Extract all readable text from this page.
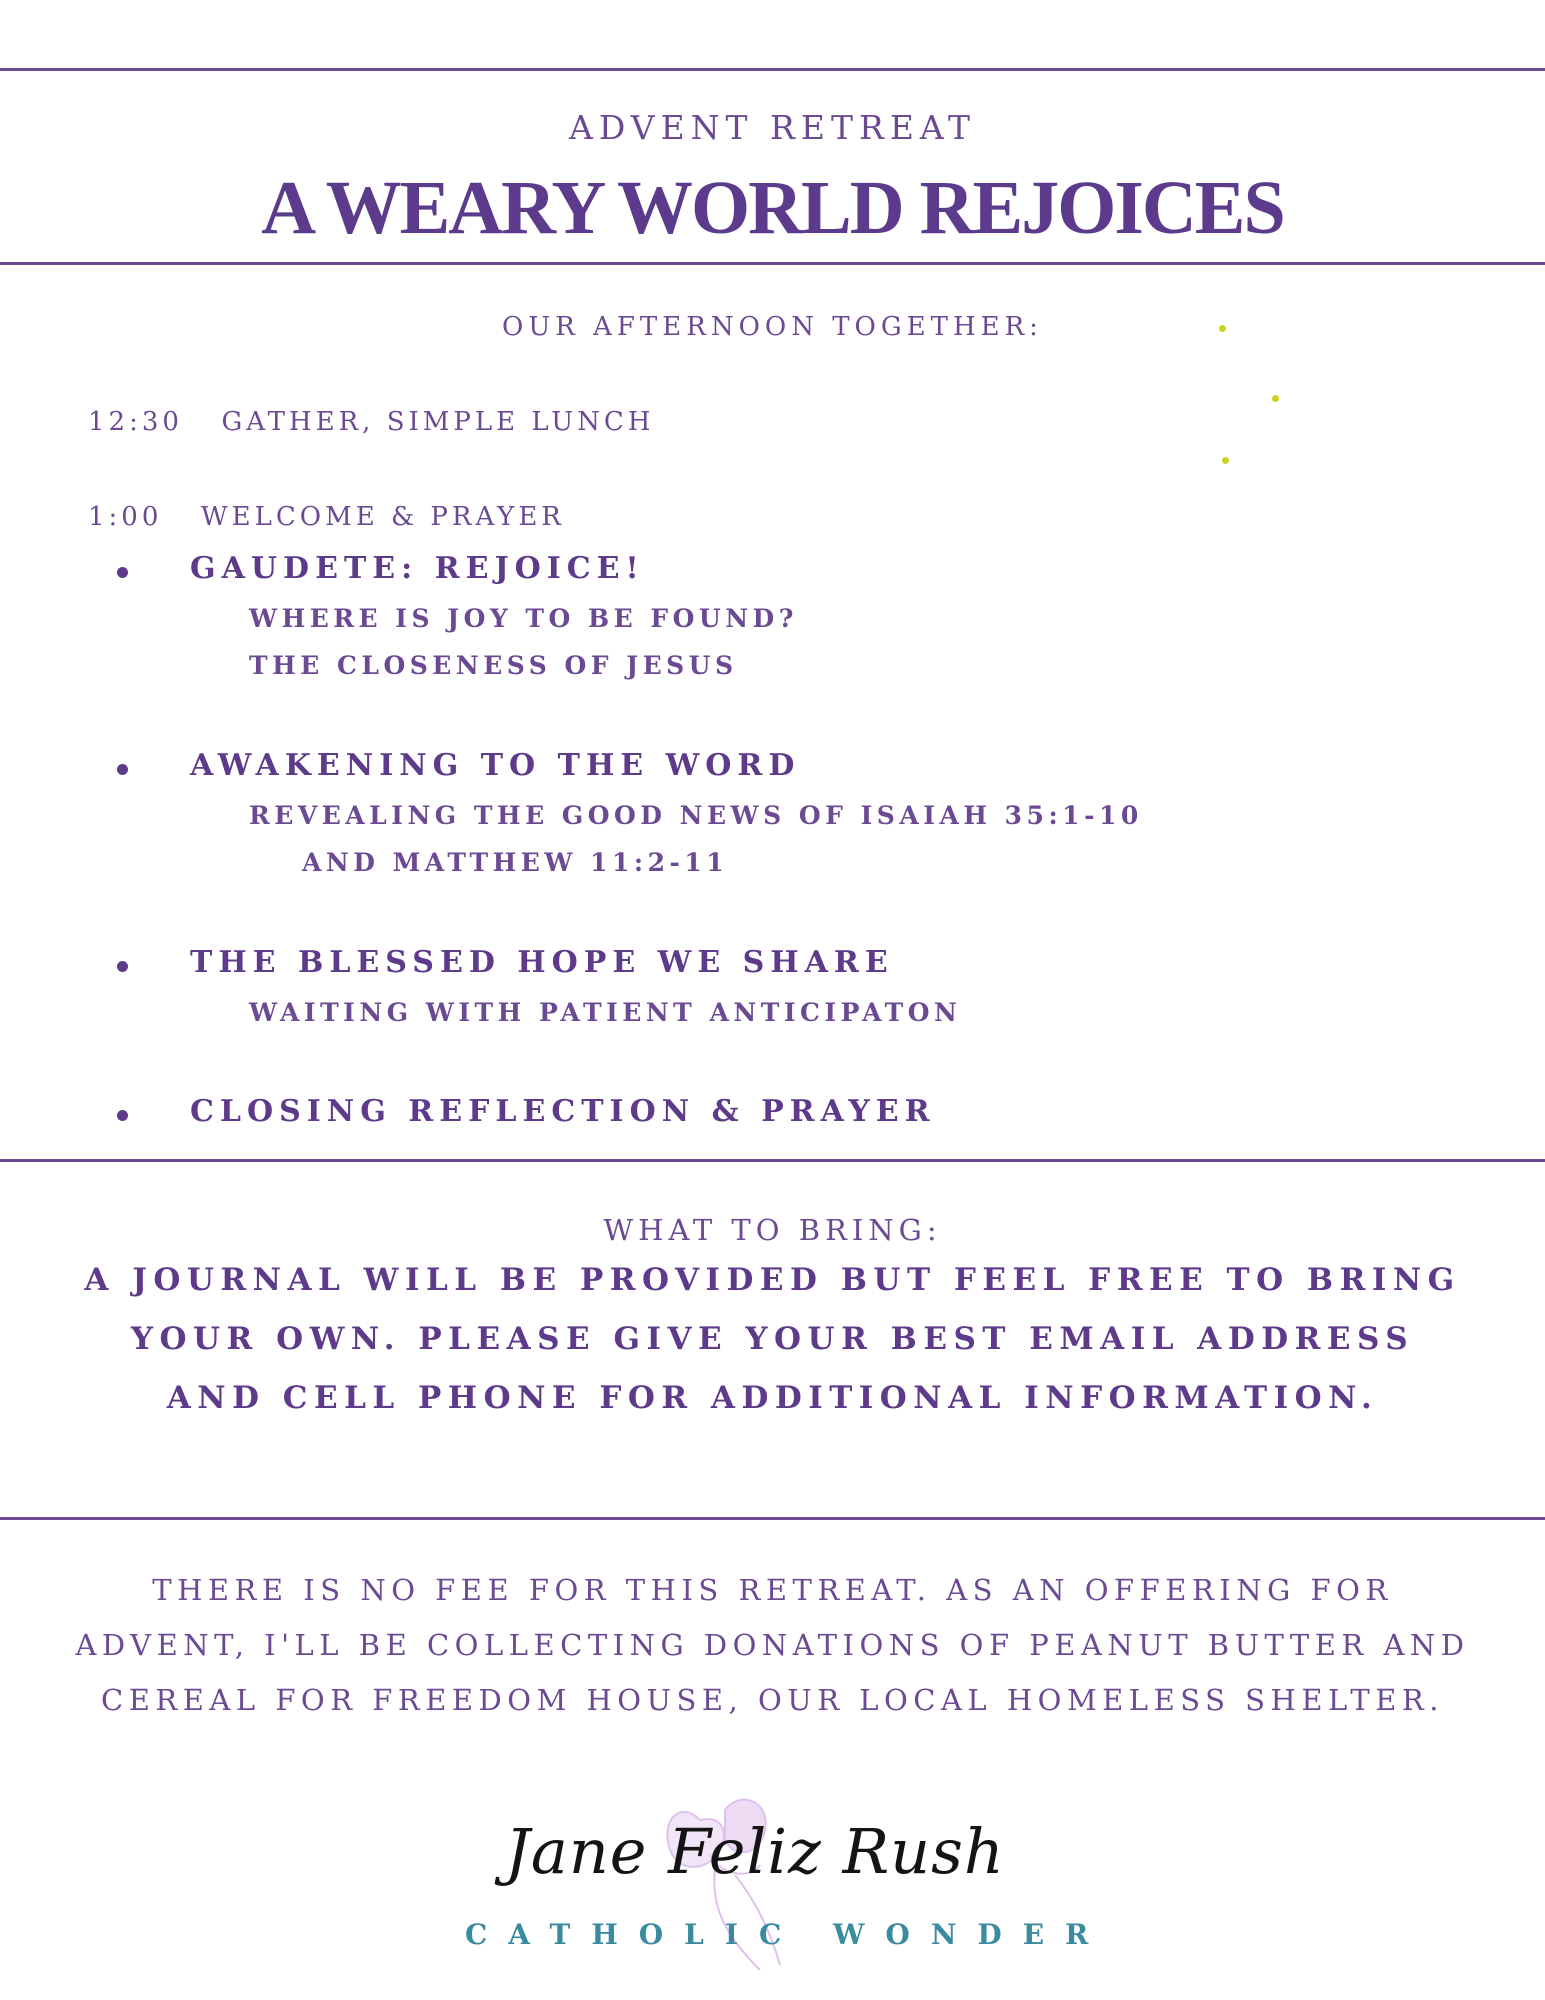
ADVENT RETREAT
A WEARY WORLD REJOICES
OUR AFTERNOON TOGETHER:
12:30 GATHER, SIMPLE LUNCH
1:00 WELCOME & PRAYER
GAUDETE: REJOICE!
WHERE IS JOY TO BE FOUND?
THE CLOSENESS OF JESUS
AWAKENING TO THE WORD
REVEALING THE GOOD NEWS OF ISAIAH 35:1-10
AND MATTHEW 11:2-11
THE BLESSED HOPE WE SHARE
WAITING WITH PATIENT ANTICIPATON
CLOSING REFLECTION & PRAYER
WHAT TO BRING:
A JOURNAL WILL BE PROVIDED BUT FEEL FREE TO BRING
YOUR OWN. PLEASE GIVE YOUR BEST EMAIL ADDRESS
AND CELL PHONE FOR ADDITIONAL INFORMATION.
THERE IS NO FEE FOR THIS RETREAT. AS AN OFFERING FOR
ADVENT, I'LL BE COLLECTING DONATIONS OF PEANUT BUTTER AND
CEREAL FOR FREEDOM HOUSE, OUR LOCAL HOMELESS SHELTER.
Jane Feliz Rush
CATHOLIC WONDER
